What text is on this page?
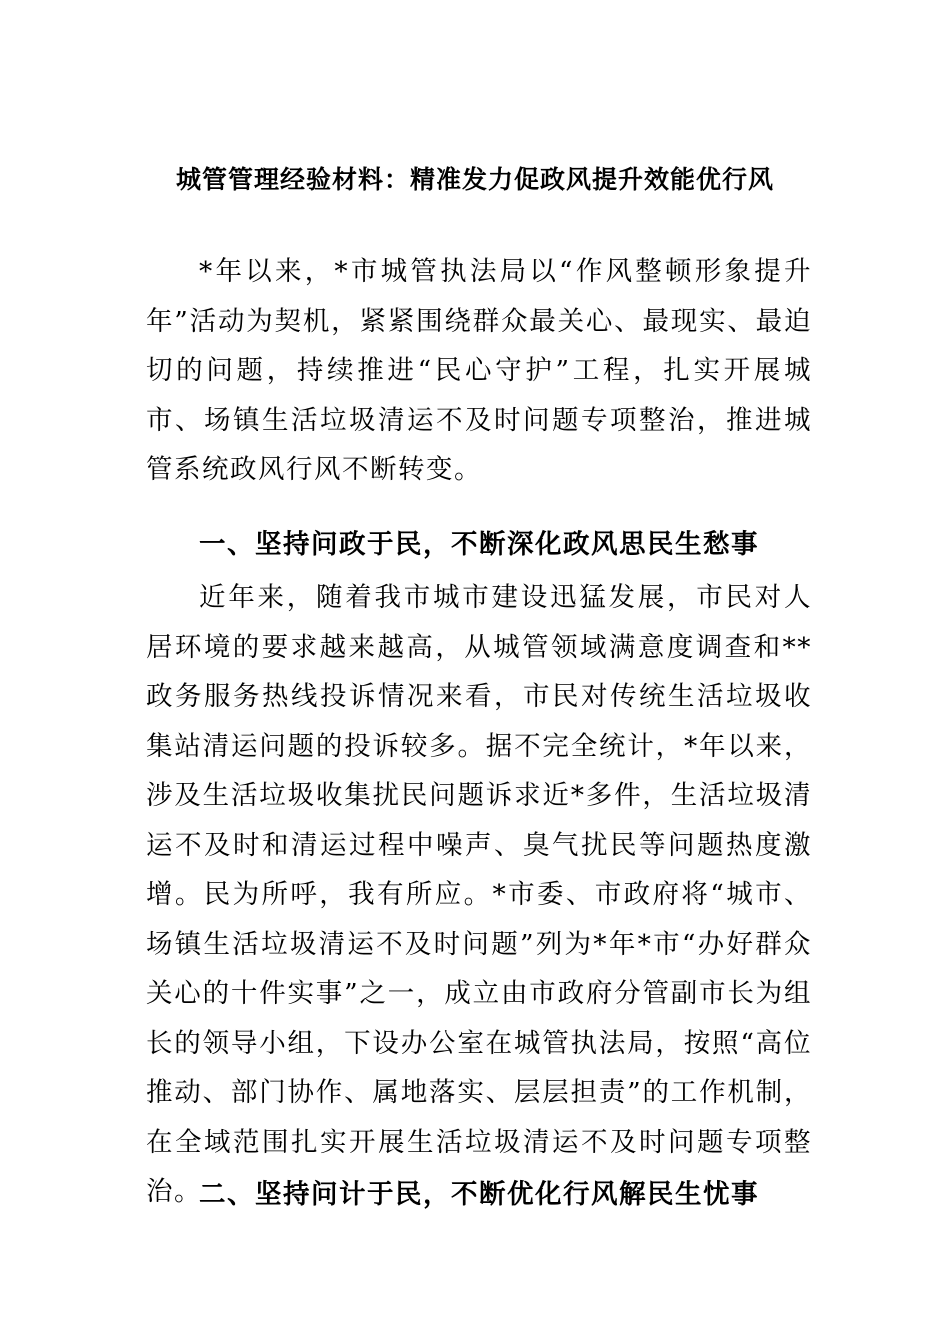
城管管理经验材料：精准发力促政风提升效能优行风

*年以来，*市城管执法局以“作风整顿形象提升年”活动为契机，紧紧围绕群众最关心、最现实、最迫切的问题，持续推进“民心守护”工程，扎实开展城市、场镇生活垃圾清运不及时问题专项整治，推进城管系统政风行风不断转变。

一、坚持问政于民，不断深化政风思民生愁事

近年来，随着我市城市建设迅猛发展，市民对人居环境的要求越来越高，从城管领域满意度调查和**政务服务热线投诉情况来看，市民对传统生活垃圾收集站清运问题的投诉较多。据不完全统计，*年以来，涉及生活垃圾收集扰民问题诉求近*多件，生活垃圾清运不及时和清运过程中噪声、臭气扰民等问题热度激增。民为所呼，我有所应。*市委、市政府将“城市、场镇生活垃圾清运不及时问题”列为*年*市“办好群众关心的十件实事”之一，成立由市政府分管副市长为组长的领导小组，下设办公室在城管执法局，按照“高位推动、部门协作、属地落实、层层担责”的工作机制，在全域范围扎实开展生活垃圾清运不及时问题专项整治。

二、坚持问计于民，不断优化行风解民生忧事
